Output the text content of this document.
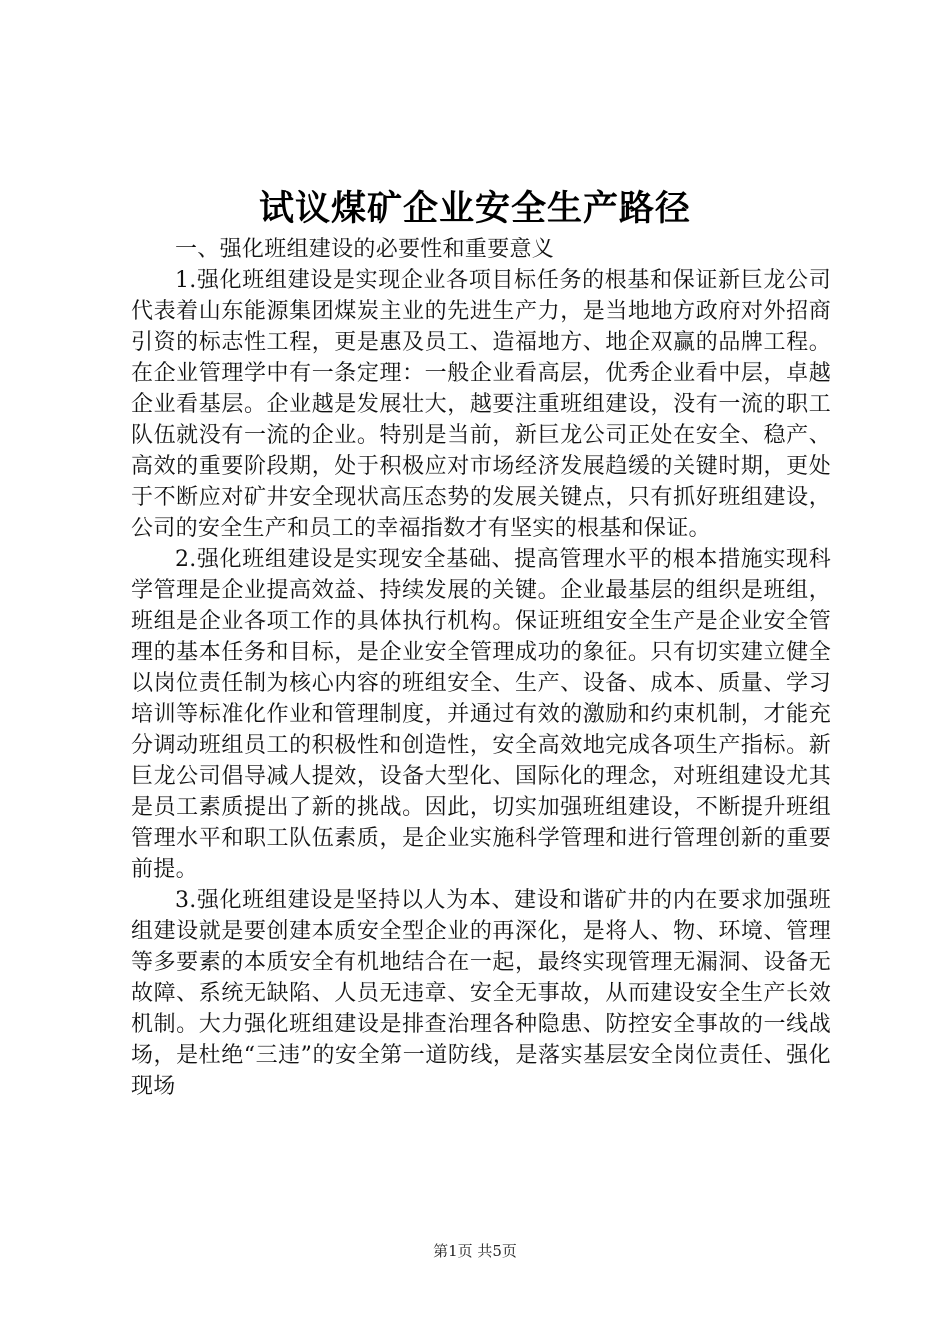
试议煤矿企业安全生产路径

一、强化班组建设的必要性和重要意义

1.强化班组建设是实现企业各项目标任务的根基和保证新巨龙公司代表着山东能源集团煤炭主业的先进生产力，是当地地方政府对外招商引资的标志性工程，更是惠及员工、造福地方、地企双赢的品牌工程。在企业管理学中有一条定理：一般企业看高层，优秀企业看中层，卓越企业看基层。企业越是发展壮大，越要注重班组建设，没有一流的职工队伍就没有一流的企业。特别是当前，新巨龙公司正处在安全、稳产、高效的重要阶段期，处于积极应对市场经济发展趋缓的关键时期，更处于不断应对矿井安全现状高压态势的发展关键点，只有抓好班组建设，公司的安全生产和员工的幸福指数才有坚实的根基和保证。

2.强化班组建设是实现安全基础、提高管理水平的根本措施实现科学管理是企业提高效益、持续发展的关键。企业最基层的组织是班组，班组是企业各项工作的具体执行机构。保证班组安全生产是企业安全管理的基本任务和目标，是企业安全管理成功的象征。只有切实建立健全以岗位责任制为核心内容的班组安全、生产、设备、成本、质量、学习培训等标准化作业和管理制度，并通过有效的激励和约束机制，才能充分调动班组员工的积极性和创造性，安全高效地完成各项生产指标。新巨龙公司倡导减人提效，设备大型化、国际化的理念，对班组建设尤其是员工素质提出了新的挑战。因此，切实加强班组建设，不断提升班组管理水平和职工队伍素质，是企业实施科学管理和进行管理创新的重要前提。

3.强化班组建设是坚持以人为本、建设和谐矿井的内在要求加强班组建设就是要创建本质安全型企业的再深化，是将人、物、环境、管理等多要素的本质安全有机地结合在一起，最终实现管理无漏洞、设备无故障、系统无缺陷、人员无违章、安全无事故，从而建设安全生产长效机制。大力强化班组建设是排查治理各种隐患、防控安全事故的一线战场，是杜绝“三违”的安全第一道防线，是落实基层安全岗位责任、强化现场

第1页 共5页
